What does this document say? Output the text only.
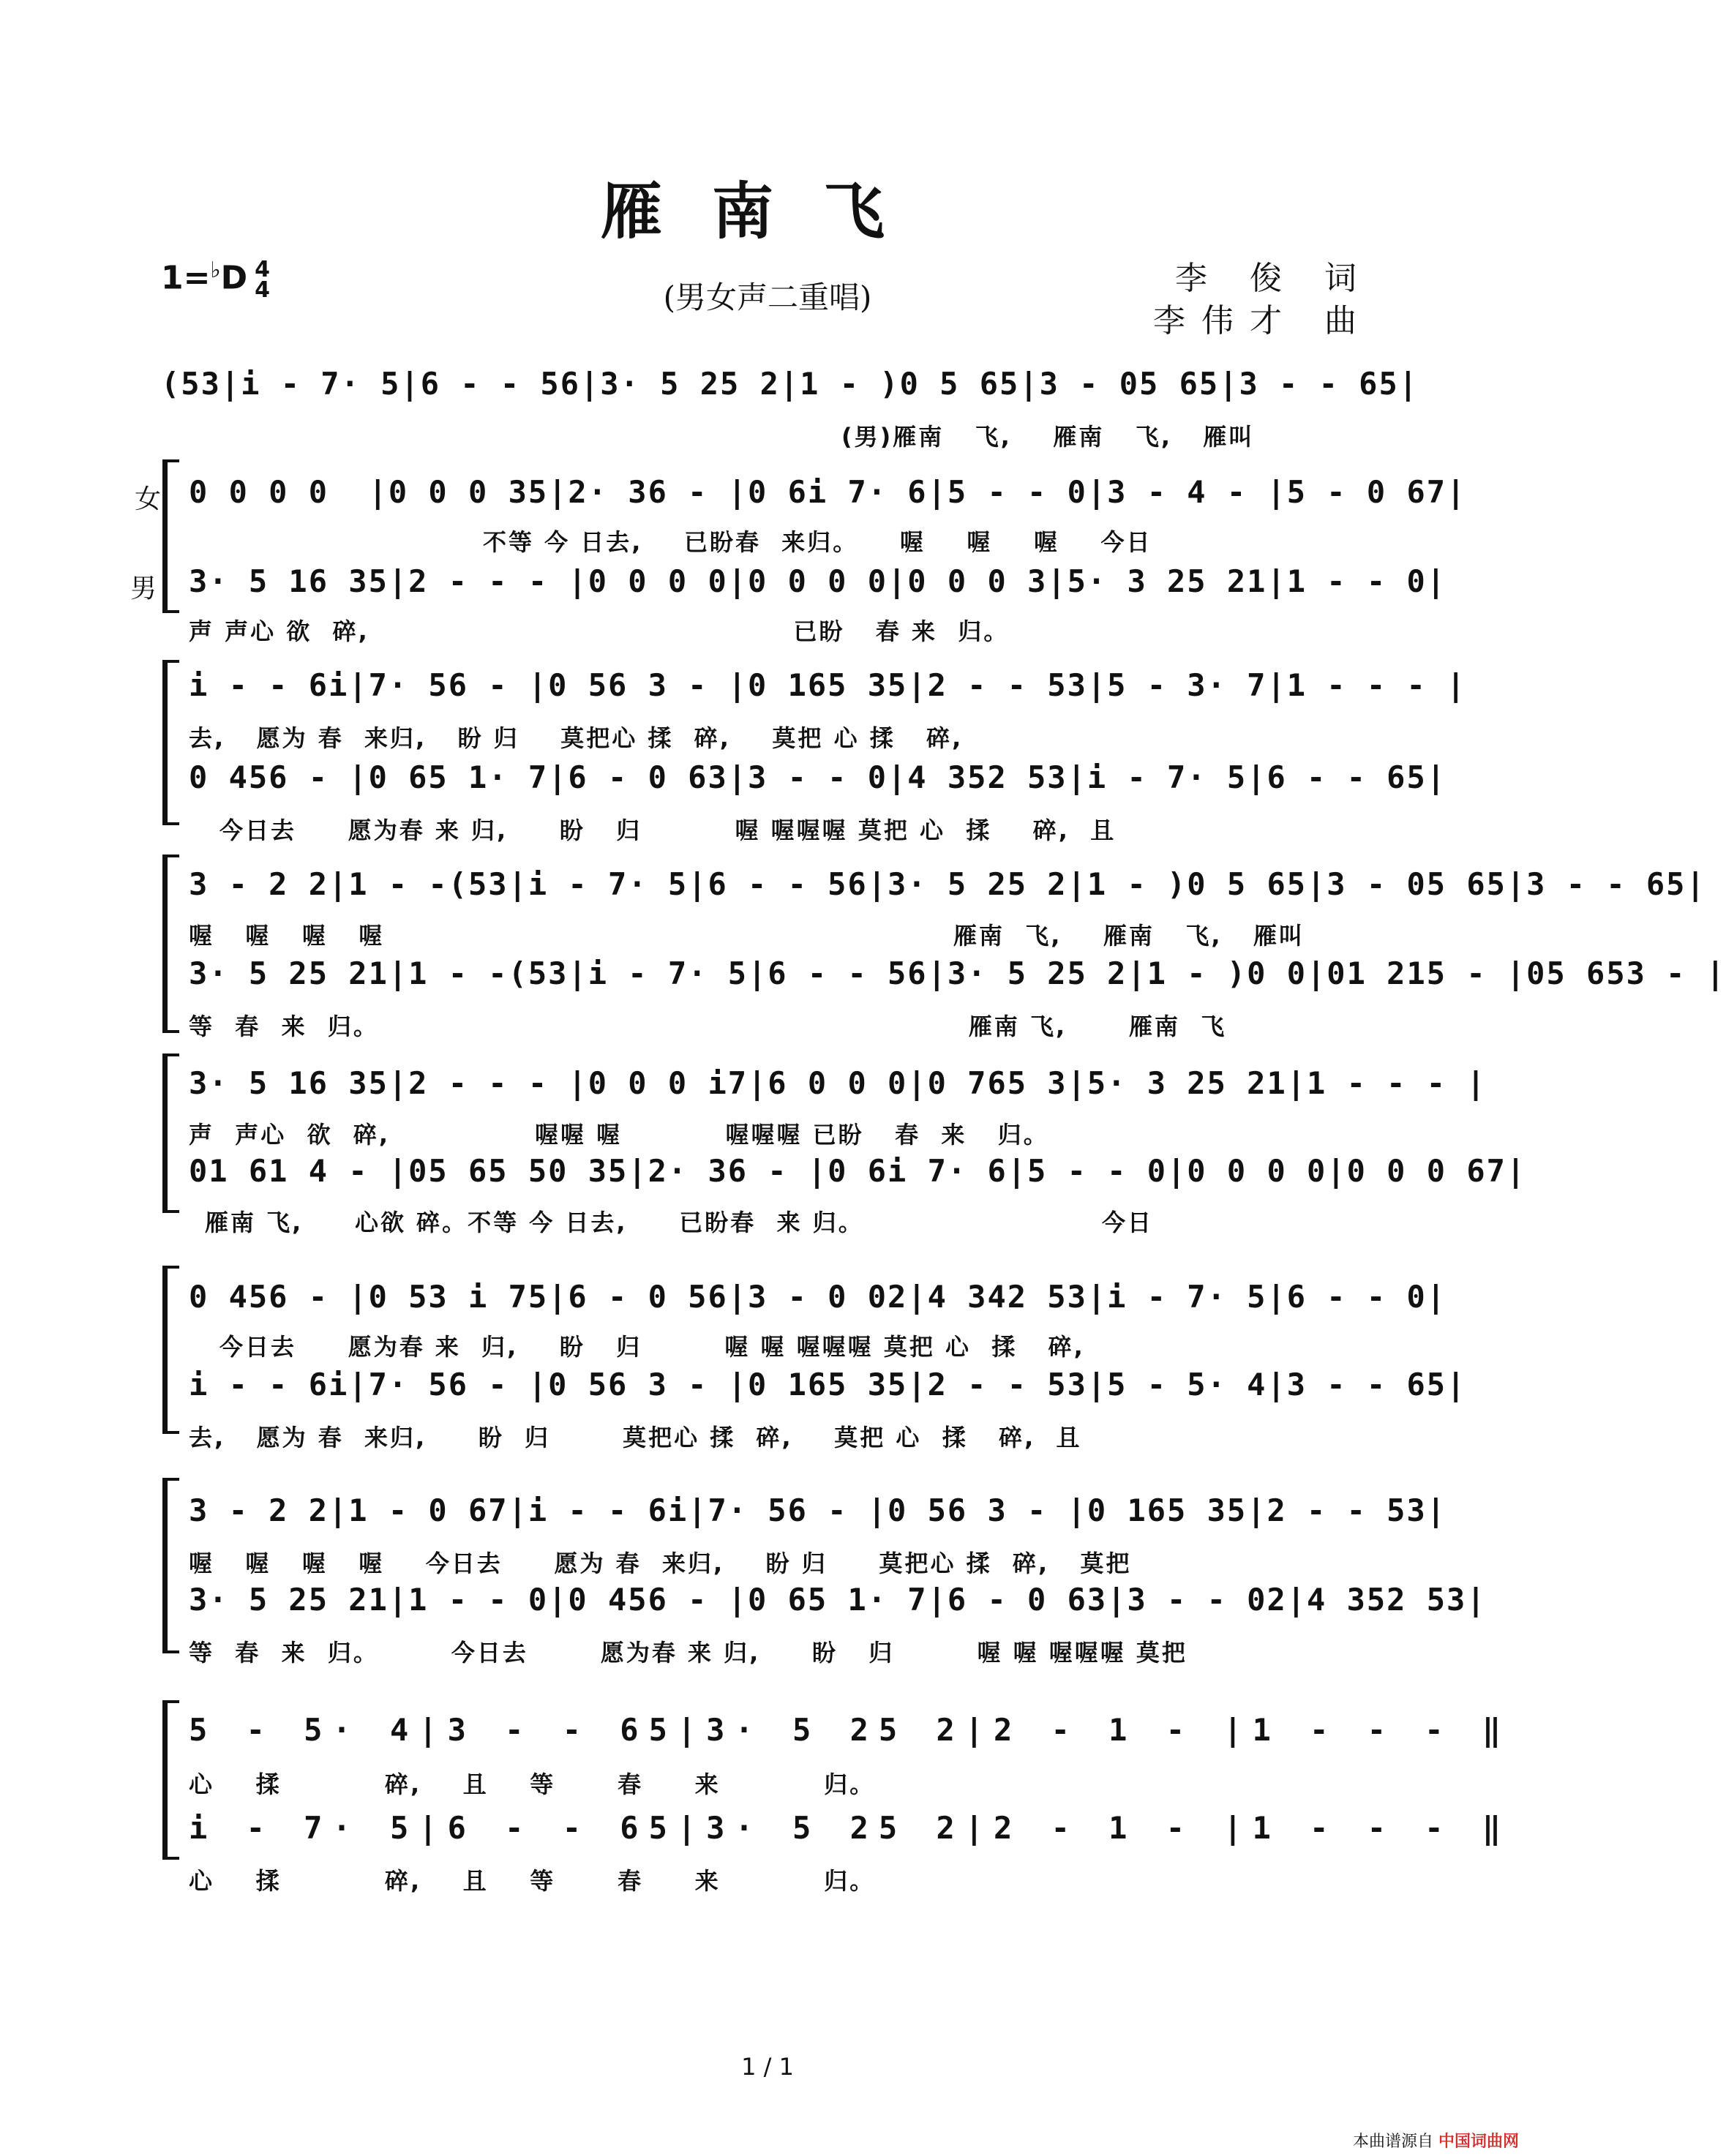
雁南飞
1=♭D 4
4	(男女声二重唱)
李 俊 词
李伟才 曲
(53|i - 7· 5|6 - - 56|3· 5 25 2|1 - )0 5 65|3 - 05 65|3 - - 65|
(男)雁南   飞,    雁南   飞,   雁叫
女
男
0 0 0 0  |0 0 0 35|2· 36 - |0 6i 7· 6|5 - - 0|3 - 4 - |5 - 0 67|
不等 今 日去,    已盼春  来归。    喔    喔    喔    今日
3· 5 16 35|2 - - - |0 0 0 0|0 0 0 0|0 0 0 3|5· 3 25 21|1 - - 0|
声 声心 欲  碎,                                         已盼   春 来  归。
i - - 6i|7· 56 - |0 56 3 - |0 165 35|2 - - 53|5 - 3· 7|1 - - - |
去,   愿为 春  来归,   盼 归    莫把心 揉  碎,    莫把 心 揉   碎,
0 456 - |0 65 1· 7|6 - 0 63|3 - - 0|4 352 53|i - 7· 5|6 - - 65|
今日去     愿为春 来 归,     盼   归         喔 喔喔喔 莫把 心  揉    碎,  且
3 - 2 2|1 - -(53|i - 7· 5|6 - - 56|3· 5 25 2|1 - )0 5 65|3 - 05 65|3 - - 65|
喔   喔   喔   喔                                                       雁南  飞,    雁南   飞,   雁叫
3· 5 25 21|1 - -(53|i - 7· 5|6 - - 56|3· 5 25 2|1 - )0 0|01 215 - |05 653 - |
等  春  来  归。                                                         雁南 飞,      雁南  飞
3· 5 16 35|2 - - - |0 0 0 i7|6 0 0 0|0 765 3|5· 3 25 21|1 - - - |
声  声心  欲  碎,              喔喔 喔          喔喔喔 已盼   春  来   归。
01 61 4 - |05 65 50 35|2· 36 - |0 6i 7· 6|5 - - 0|0 0 0 0|0 0 0 67|
雁南 飞,     心欲 碎。不等 今 日去,     已盼春  来 归。                       今日
0 456 - |0 53 i 75|6 - 0 56|3 - 0 02|4 342 53|i - 7· 5|6 - - 0|
今日去     愿为春 来  归,    盼   归        喔 喔 喔喔喔 莫把 心  揉   碎,
i - - 6i|7· 56 - |0 56 3 - |0 165 35|2 - - 53|5 - 5· 4|3 - - 65|
去,   愿为 春  来归,     盼  归       莫把心 揉  碎,    莫把 心  揉   碎,  且
3 - 2 2|1 - 0 67|i - - 6i|7· 56 - |0 56 3 - |0 165 35|2 - - 53|
喔   喔   喔   喔    今日去     愿为 春  来归,    盼 归     莫把心 揉  碎,   莫把
3· 5 25 21|1 - - 0|0 456 - |0 65 1· 7|6 - 0 63|3 - - 02|4 352 53|
等  春  来  归。       今日去       愿为春 来 归,     盼   归        喔 喔 喔喔喔 莫把
5 - 5· 4|3 - - 65|3· 5 25 2|2 - 1 - |1 - - - ‖
心    揉          碎,    且    等      春     来          归。
i - 7· 5|6 - - 65|3· 5 25 2|2 - 1 - |1 - - - ‖
心    揉          碎,    且    等      春     来          归。
1 / 1
本曲谱源自 中国词曲网
